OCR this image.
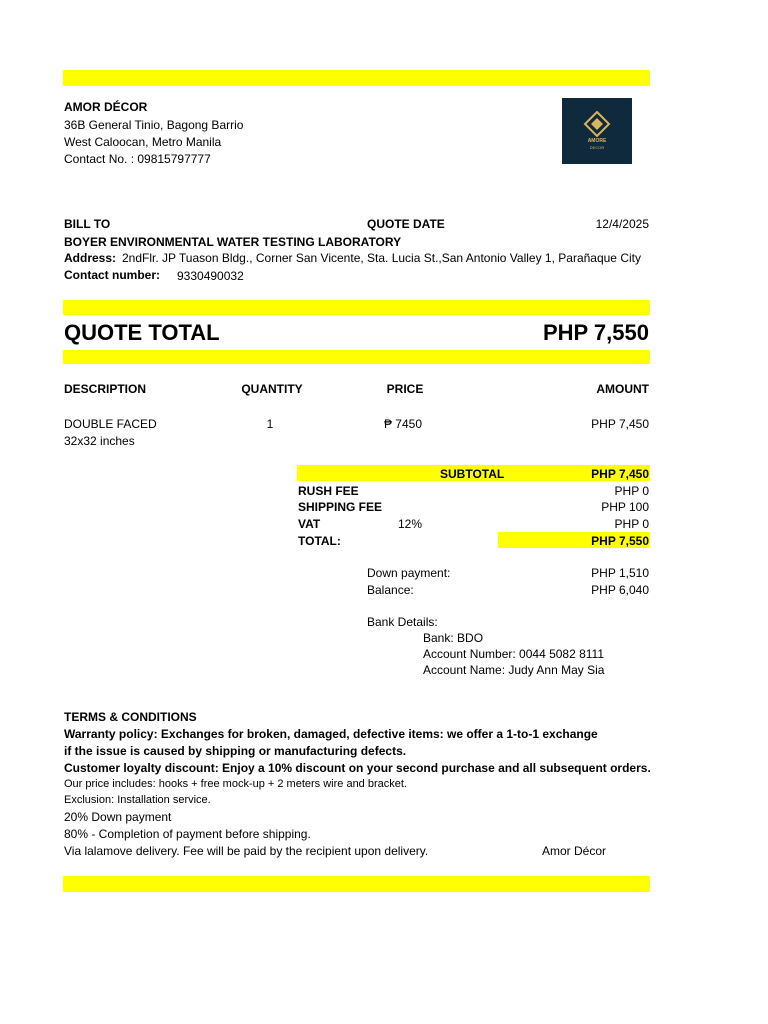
AMOR DÉCOR
36B General Tinio, Bagong Barrio
West Caloocan, Metro Manila
Contact No. : 09815797777
AMORE
DECOR
BILL TO	QUOTE DATE	12/4/2025
BOYER ENVIRONMENTAL WATER TESTING LABORATORY
Address: 2ndFlr. JP Tuason Bldg., Corner San Vicente, Sta. Lucia St.,San Antonio Valley 1, Parañaque City
Contact number: 9330490032
QUOTE TOTAL	PHP 7,550
DESCRIPTION	QUANTITY	PRICE	AMOUNT
DOUBLE FACED
32x32 inches
1	₱ 7450	PHP 7,450
SUBTOTAL	PHP 7,450
RUSH FEE	PHP 0
SHIPPING FEE	PHP 100
VAT	12%	PHP 0
TOTAL:	PHP 7,550
Down payment:	PHP 1,510
Balance:	PHP 6,040
Bank Details:
Bank: BDO
Account Number: 0044 5082 8111
Account Name: Judy Ann May Sia
TERMS & CONDITIONS
Warranty policy: Exchanges for broken, damaged, defective items: we offer a 1-to-1 exchange
if the issue is caused by shipping or manufacturing defects.
Customer loyalty discount: Enjoy a 10% discount on your second purchase and all subsequent orders.
Our price includes: hooks + free mock-up + 2 meters wire and bracket.
Exclusion: Installation service.
20% Down payment
80% - Completion of payment before shipping.
Via lalamove delivery. Fee will be paid by the recipient upon delivery.	Amor Décor
